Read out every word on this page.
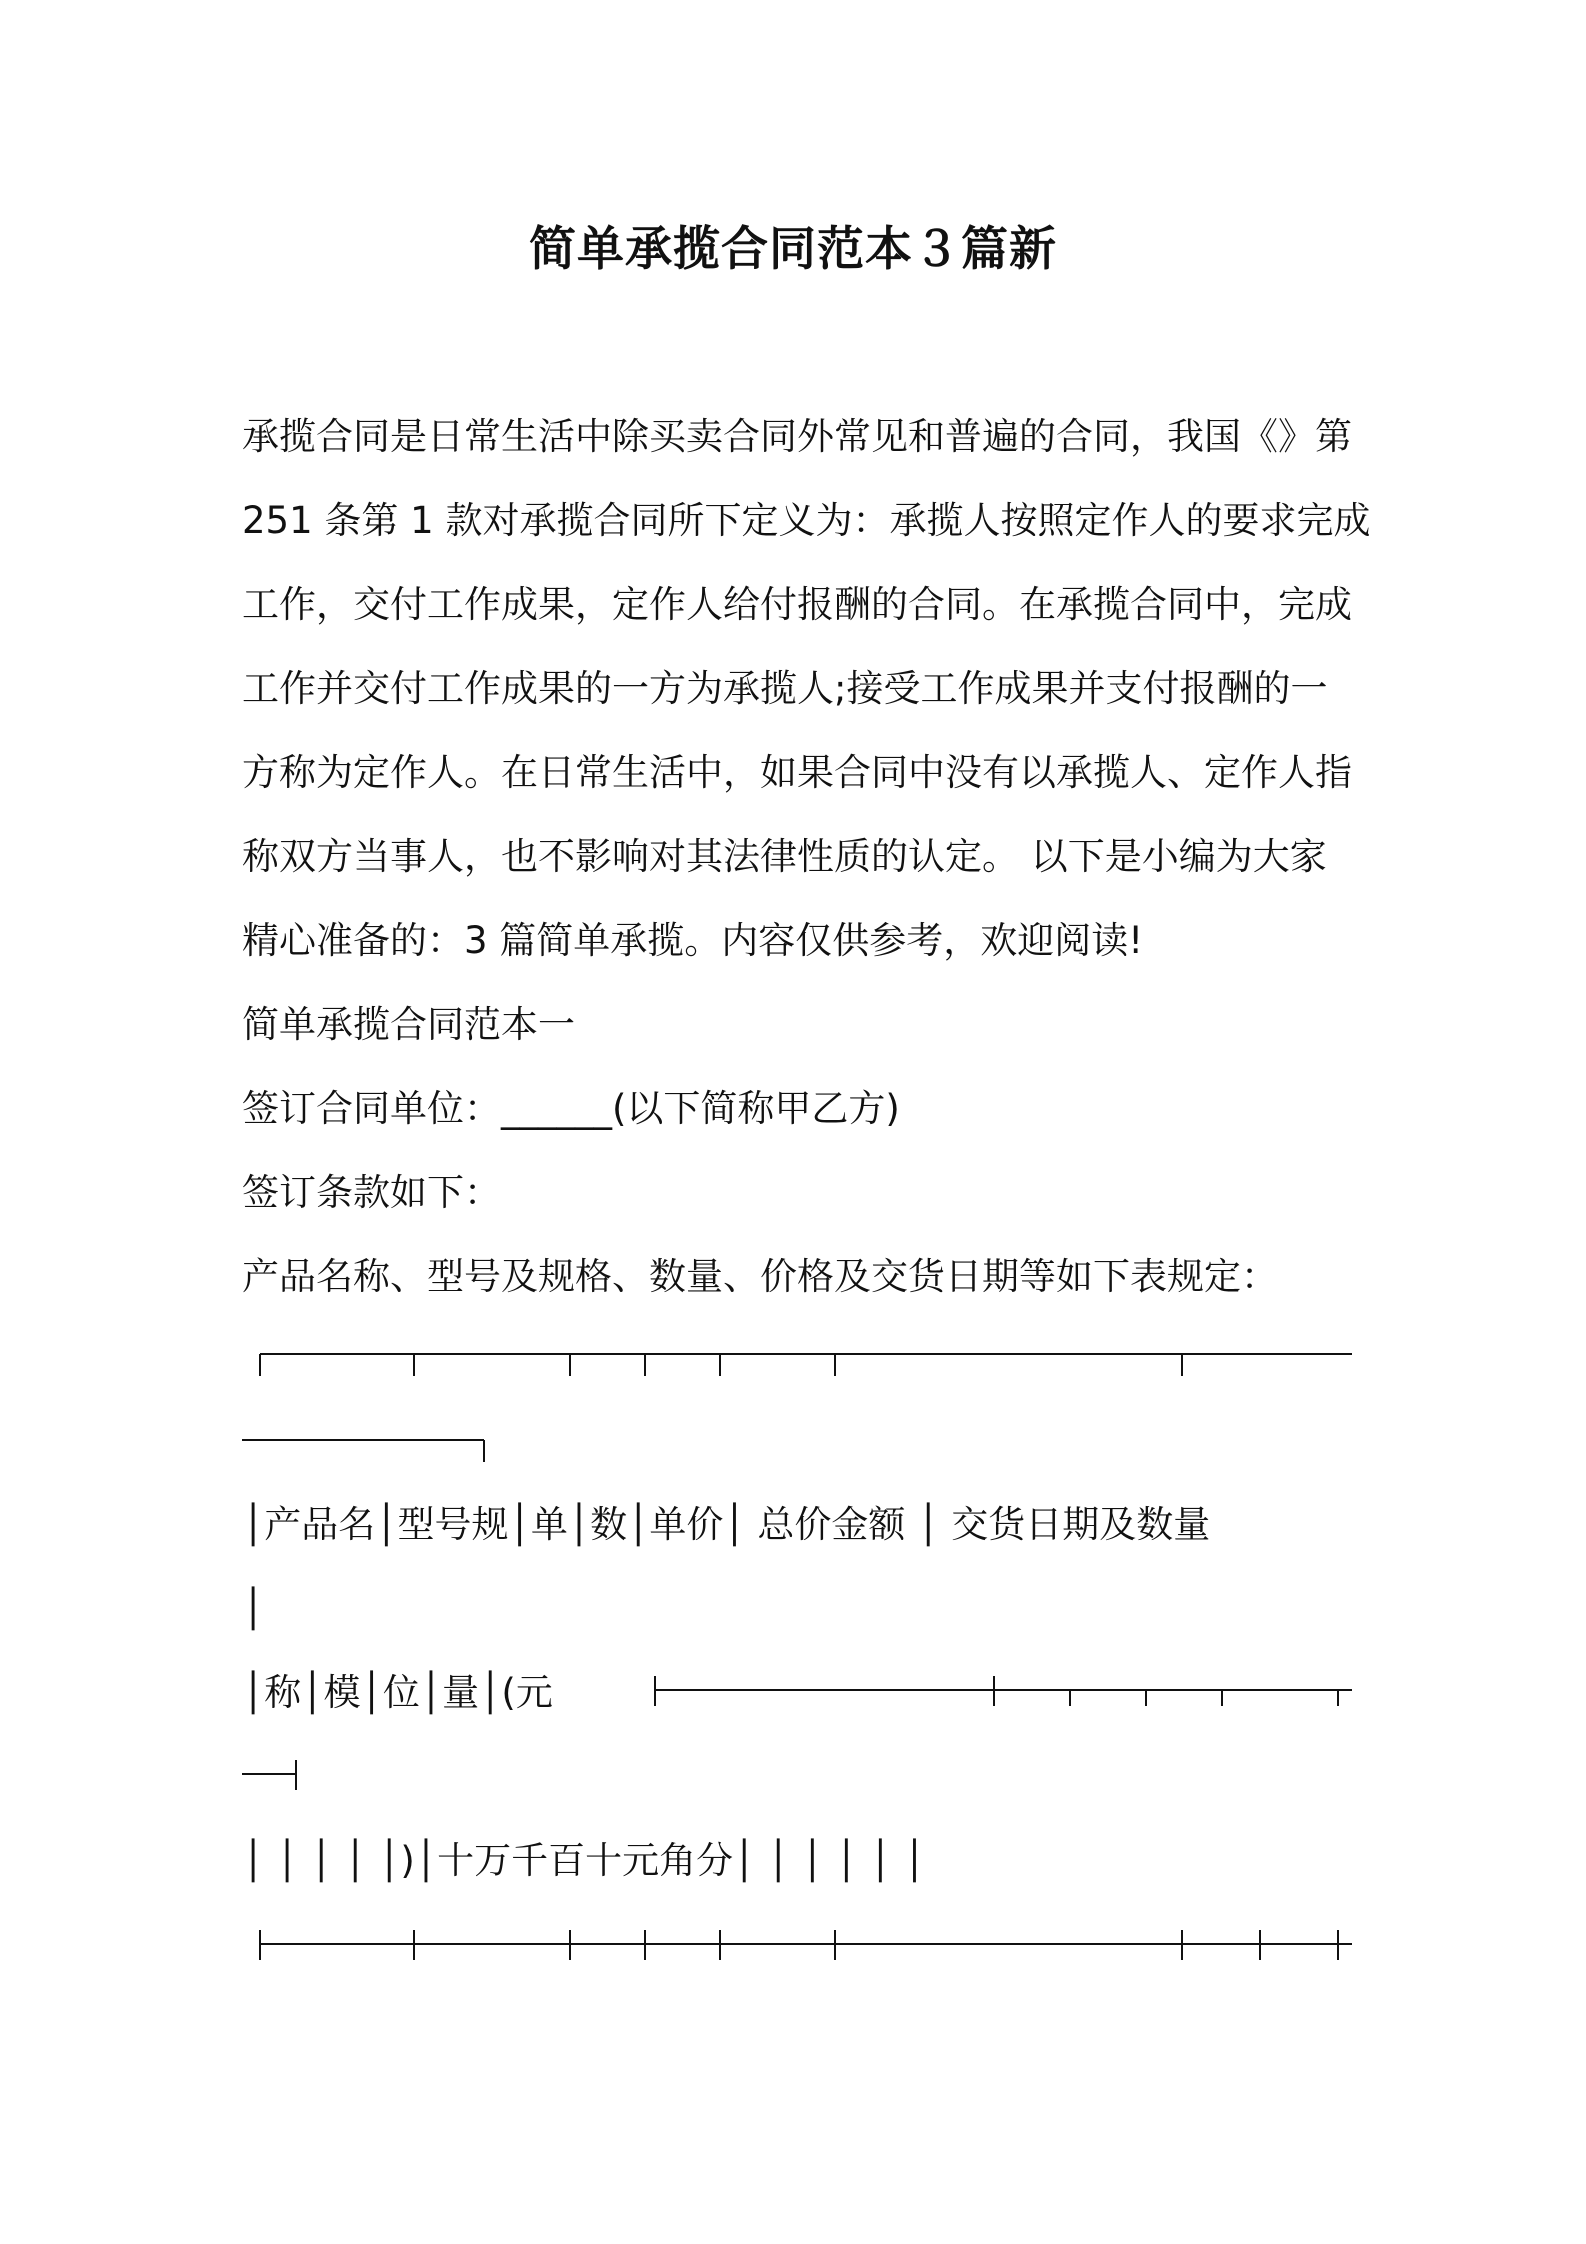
简单承揽合同范本３篇新
承揽合同是日常生活中除买卖合同外常见和普遍的合同，我国《》第
251 条第 1 款对承揽合同所下定义为：承揽人按照定作人的要求完成
工作，交付工作成果，定作人给付报酬的合同。在承揽合同中，完成
工作并交付工作成果的一方为承揽人;接受工作成果并支付报酬的一
方称为定作人。在日常生活中，如果合同中没有以承揽人、定作人指
称双方当事人，也不影响对其法律性质的认定。 以下是小编为大家
精心准备的：3 篇简单承揽。内容仅供参考，欢迎阅读!
简单承揽合同范本一
签订合同单位：______(以下简称甲乙方)
签订条款如下：
产品名称、型号及规格、数量、价格及交货日期等如下表规定：
│产品名│型号规│单│数│单价│ 总价金额 │ 交货日期及数量
│
│称│模│位│量│(元
│ │ │ │ │)│十万千百十元角分│ │ │ │ │ │
